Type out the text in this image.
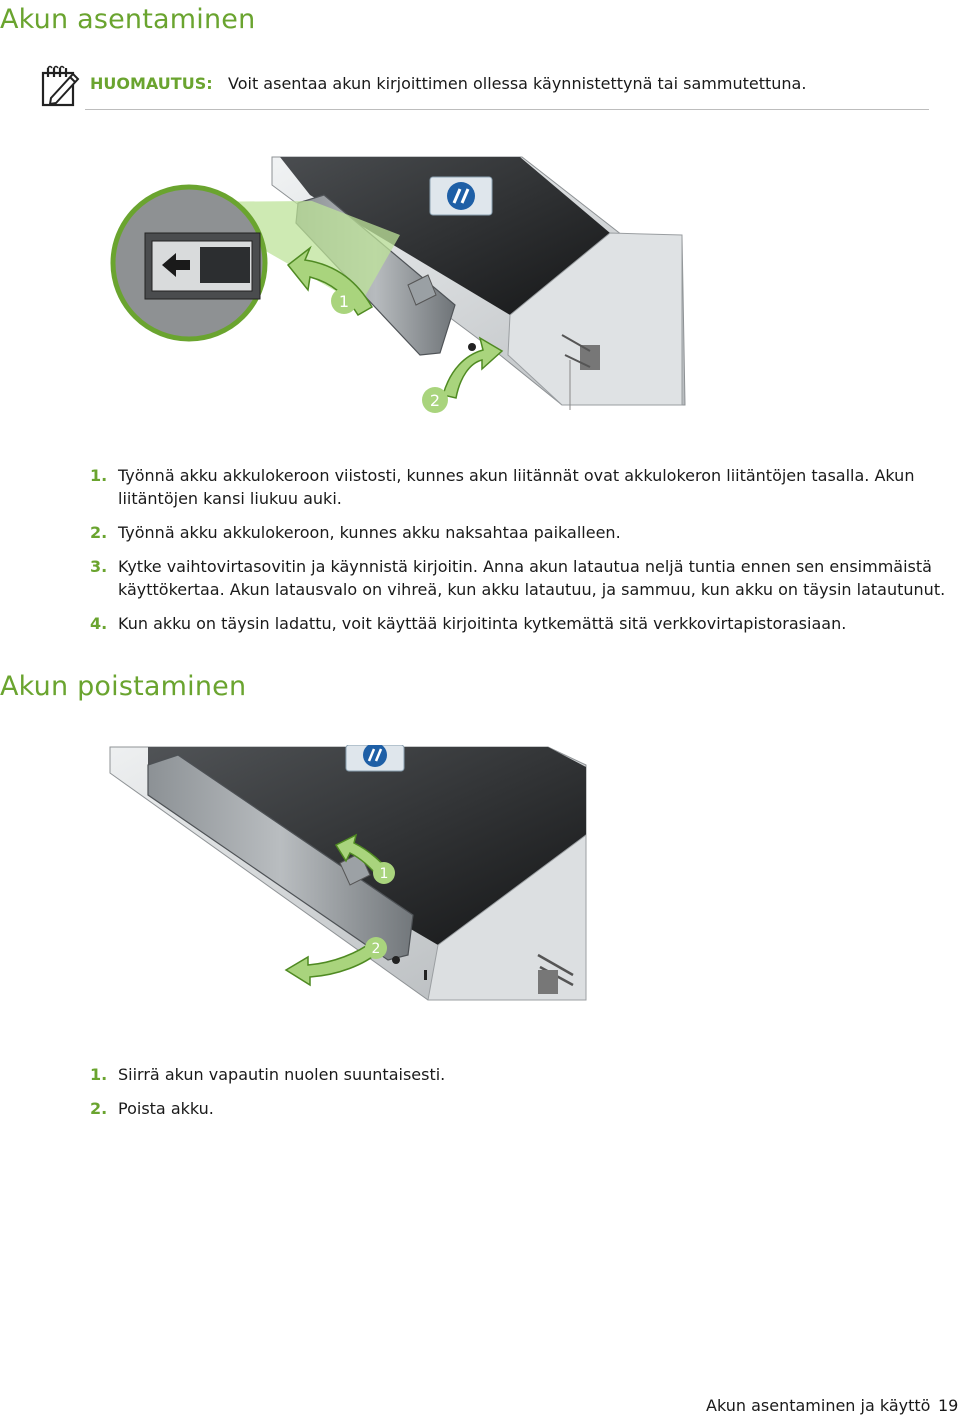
Akun asentaminen
HUOMAUTUS: Voit asentaa akun kirjoittimen ollessa käynnistettynä tai sammutettuna.
1
2
1. Työnnä akku akkulokeroon viistosti, kunnes akun liitännät ovat akkulokeron liitäntöjen tasalla. Akun liitäntöjen kansi liukuu auki.
2. Työnnä akku akkulokeroon, kunnes akku naksahtaa paikalleen.
3. Kytke vaihtovirtasovitin ja käynnistä kirjoitin. Anna akun latautua neljä tuntia ennen sen ensimmäistä käyttökertaa. Akun latausvalo on vihreä, kun akku latautuu, ja sammuu, kun akku on täysin latautunut.
4. Kun akku on täysin ladattu, voit käyttää kirjoitinta kytkemättä sitä verkkovirtapistorasiaan.
Akun poistaminen
1
2
1. Siirrä akun vapautin nuolen suuntaisesti.
2. Poista akku.
Akun asentaminen ja käyttö 19
